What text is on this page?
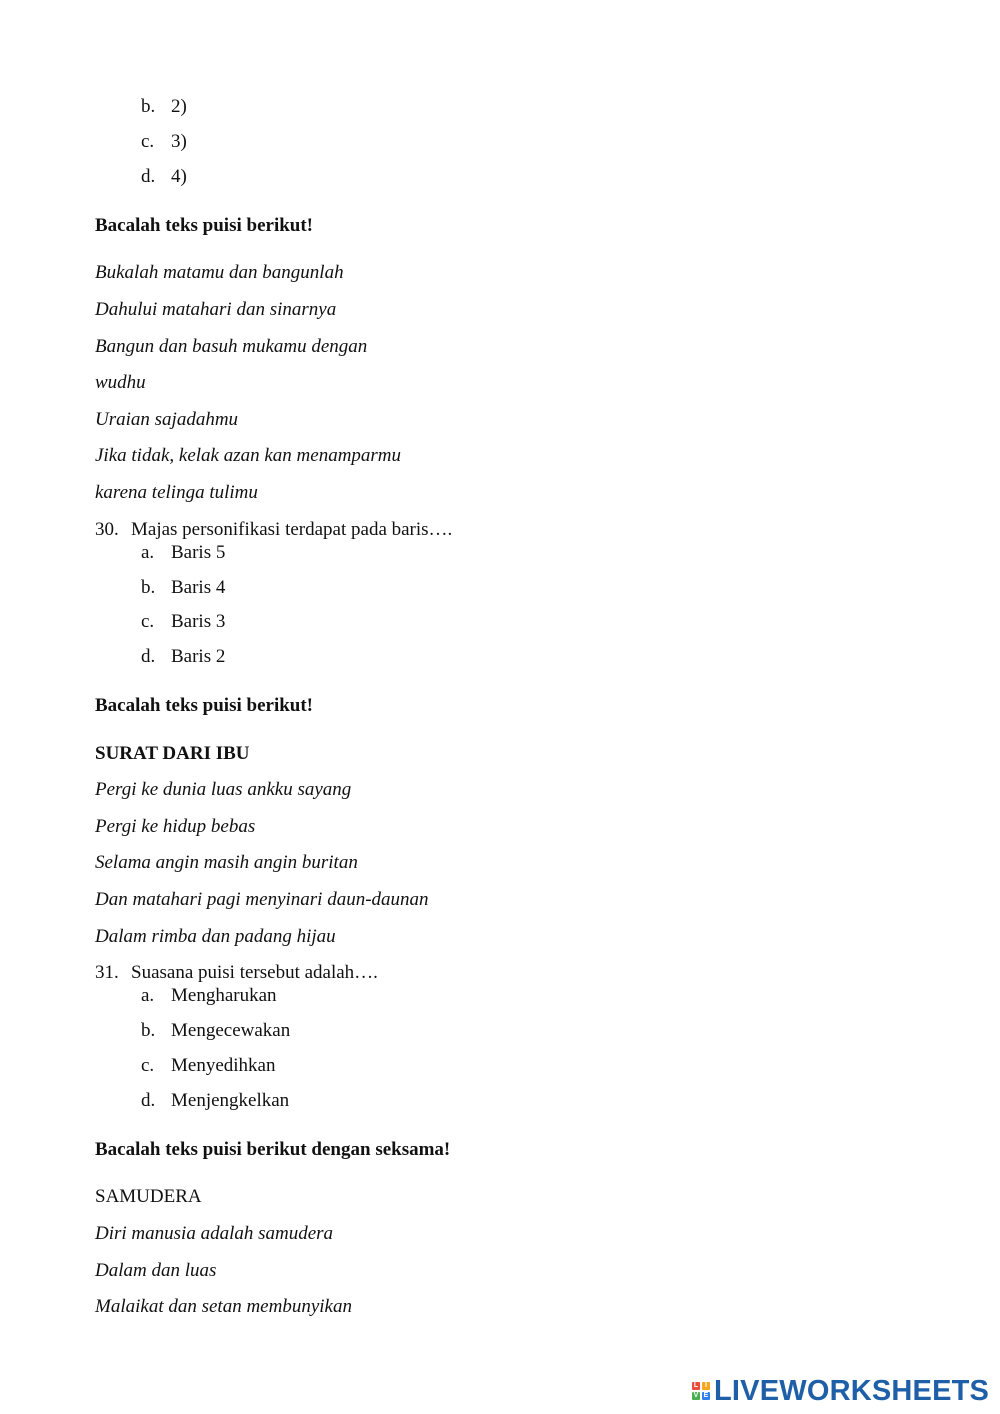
b. 2)
c. 3)
d. 4)
Bacalah teks puisi berikut!
Bukalah matamu dan bangunlah
Dahului matahari dan sinarnya
Bangun dan basuh mukamu dengan
wudhu
Uraian sajadahmu
Jika tidak, kelak azan kan menamparmu
karena telinga tulimu
30. Majas personifikasi terdapat pada baris….
a. Baris 5
b. Baris 4
c. Baris 3
d. Baris 2
Bacalah teks puisi berikut!
SURAT DARI IBU
Pergi ke dunia luas ankku sayang
Pergi ke hidup bebas
Selama angin masih angin buritan
Dan matahari pagi menyinari daun-daunan
Dalam rimba dan padang hijau
31. Suasana puisi tersebut adalah….
a. Mengharukan
b. Mengecewakan
c. Menyedihkan
d. Menjengkelkan
Bacalah teks puisi berikut dengan seksama!
SAMUDERA
Diri manusia adalah samudera
Dalam dan luas
Malaikat dan setan membunyikan
L I
V E LIVEWORKSHEETS
